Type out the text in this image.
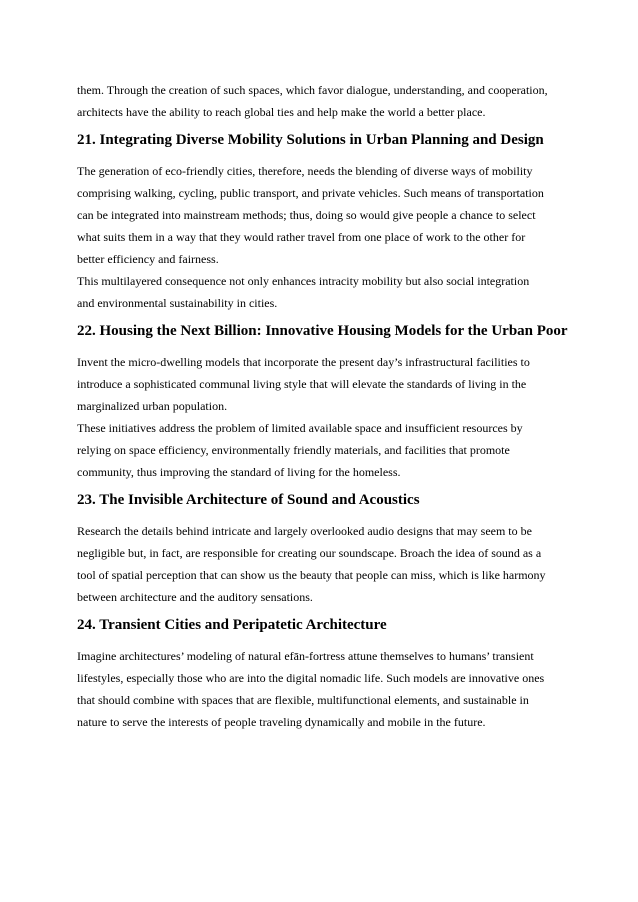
them. Through the creation of such spaces, which favor dialogue, understanding, and cooperation,
architects have the ability to reach global ties and help make the world a better place.

21. Integrating Diverse Mobility Solutions in Urban Planning and Design

The generation of eco-friendly cities, therefore, needs the blending of diverse ways of mobility
comprising walking, cycling, public transport, and private vehicles. Such means of transportation
can be integrated into mainstream methods; thus, doing so would give people a chance to select
what suits them in a way that they would rather travel from one place of work to the other for
better efficiency and fairness.

This multilayered consequence not only enhances intracity mobility but also social integration
and environmental sustainability in cities.

22. Housing the Next Billion: Innovative Housing Models for the Urban Poor

Invent the micro-dwelling models that incorporate the present day’s infrastructural facilities to
introduce a sophisticated communal living style that will elevate the standards of living in the
marginalized urban population.

These initiatives address the problem of limited available space and insufficient resources by
relying on space efficiency, environmentally friendly materials, and facilities that promote
community, thus improving the standard of living for the homeless.

23. The Invisible Architecture of Sound and Acoustics

Research the details behind intricate and largely overlooked audio designs that may seem to be
negligible but, in fact, are responsible for creating our soundscape. Broach the idea of sound as a
tool of spatial perception that can show us the beauty that people can miss, which is like harmony
between architecture and the auditory sensations.

24. Transient Cities and Peripatetic Architecture

Imagine architectures’ modeling of natural efān-fortress attune themselves to humans’ transient
lifestyles, especially those who are into the digital nomadic life. Such models are innovative ones
that should combine with spaces that are flexible, multifunctional elements, and sustainable in
nature to serve the interests of people traveling dynamically and mobile in the future.
